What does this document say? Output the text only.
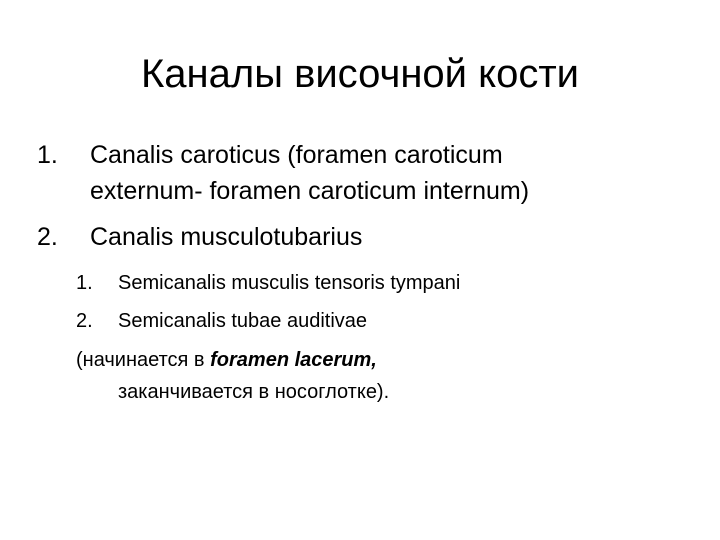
Каналы височной кости
1. Canalis caroticus (foramen caroticum
externum- foramen caroticum internum)
2. Canalis musculotubarius
1. Semicanalis musculis tensoris tympani
2. Semicanalis tubae auditivae
(начинается в foramen lacerum,
заканчивается в носоглотке).
